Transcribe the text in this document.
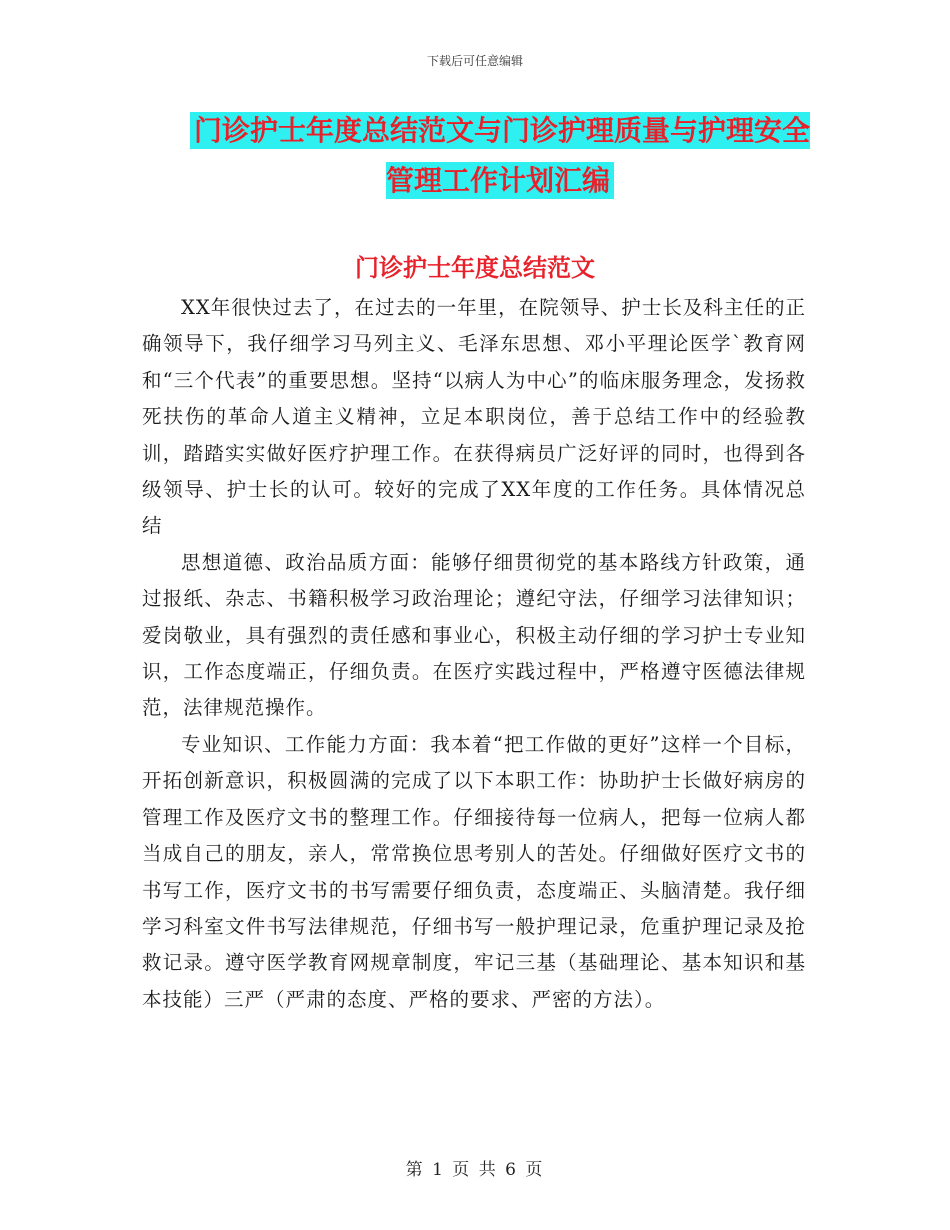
下载后可任意编辑
门诊护士年度总结范文与门诊护理质量与护理安全管理工作计划汇编
门诊护士年度总结范文

XX年很快过去了，在过去的一年里，在院领导、护士长及科主任的正确领导下，我仔细学习马列主义、毛泽东思想、邓小平理论医学`教育网和“三个代表”的重要思想。坚持“以病人为中心”的临床服务理念，发扬救死扶伤的革命人道主义精神，立足本职岗位，善于总结工作中的经验教训，踏踏实实做好医疗护理工作。在获得病员广泛好评的同时，也得到各级领导、护士长的认可。较好的完成了XX年度的工作任务。具体情况总结

思想道德、政治品质方面：能够仔细贯彻党的基本路线方针政策，通过报纸、杂志、书籍积极学习政治理论；遵纪守法，仔细学习法律知识；爱岗敬业，具有强烈的责任感和事业心，积极主动仔细的学习护士专业知识，工作态度端正，仔细负责。在医疗实践过程中，严格遵守医德法律规范，法律规范操作。

专业知识、工作能力方面：我本着“把工作做的更好”这样一个目标，开拓创新意识，积极圆满的完成了以下本职工作：协助护士长做好病房的管理工作及医疗文书的整理工作。仔细接待每一位病人，把每一位病人都当成自己的朋友，亲人，常常换位思考别人的苦处。仔细做好医疗文书的书写工作，医疗文书的书写需要仔细负责，态度端正、头脑清楚。我仔细学习科室文件书写法律规范，仔细书写一般护理记录，危重护理记录及抢救记录。遵守医学教育网规章制度，牢记三基（基础理论、基本知识和基本技能）三严（严肃的态度、严格的要求、严密的方法）。

第 1 页 共 6 页
